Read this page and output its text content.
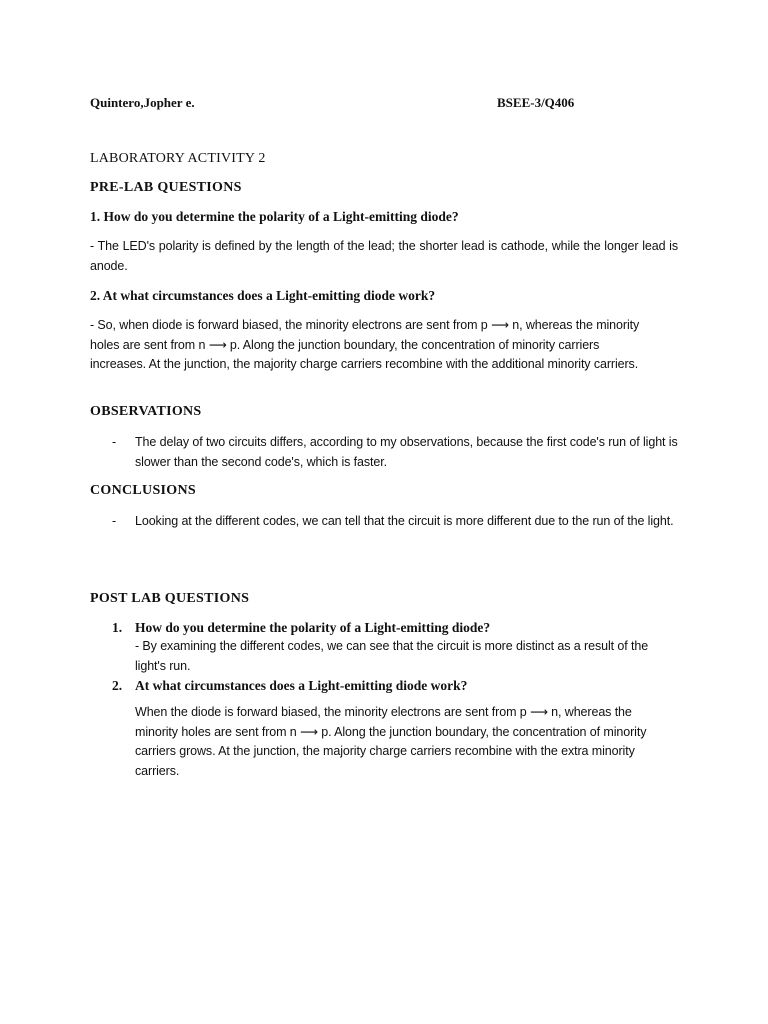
Quintero,Jopher e.	BSEE-3/Q406
LABORATORY ACTIVITY 2
PRE-LAB QUESTIONS
1. How do you determine the polarity of a Light-emitting diode?
- The LED's polarity is defined by the length of the lead; the shorter lead is cathode, while the longer lead is anode.
2. At what circumstances does a Light-emitting diode work?
- So, when diode is forward biased, the minority electrons are sent from p ⟶ n, whereas the minority holes are sent from n ⟶ p. Along the junction boundary, the concentration of minority carriers increases. At the junction, the majority charge carriers recombine with the additional minority carriers.
OBSERVATIONS
- The delay of two circuits differs, according to my observations, because the first code's run of light is slower than the second code's, which is faster.
CONCLUSIONS
- Looking at the different codes, we can tell that the circuit is more different due to the run of the light.
POST LAB QUESTIONS
1. How do you determine the polarity of a Light-emitting diode?
- By examining the different codes, we can see that the circuit is more distinct as a result of the light's run.
2. At what circumstances does a Light-emitting diode work?
When the diode is forward biased, the minority electrons are sent from p ⟶ n, whereas the minority holes are sent from n ⟶ p. Along the junction boundary, the concentration of minority carriers grows. At the junction, the majority charge carriers recombine with the extra minority carriers.
